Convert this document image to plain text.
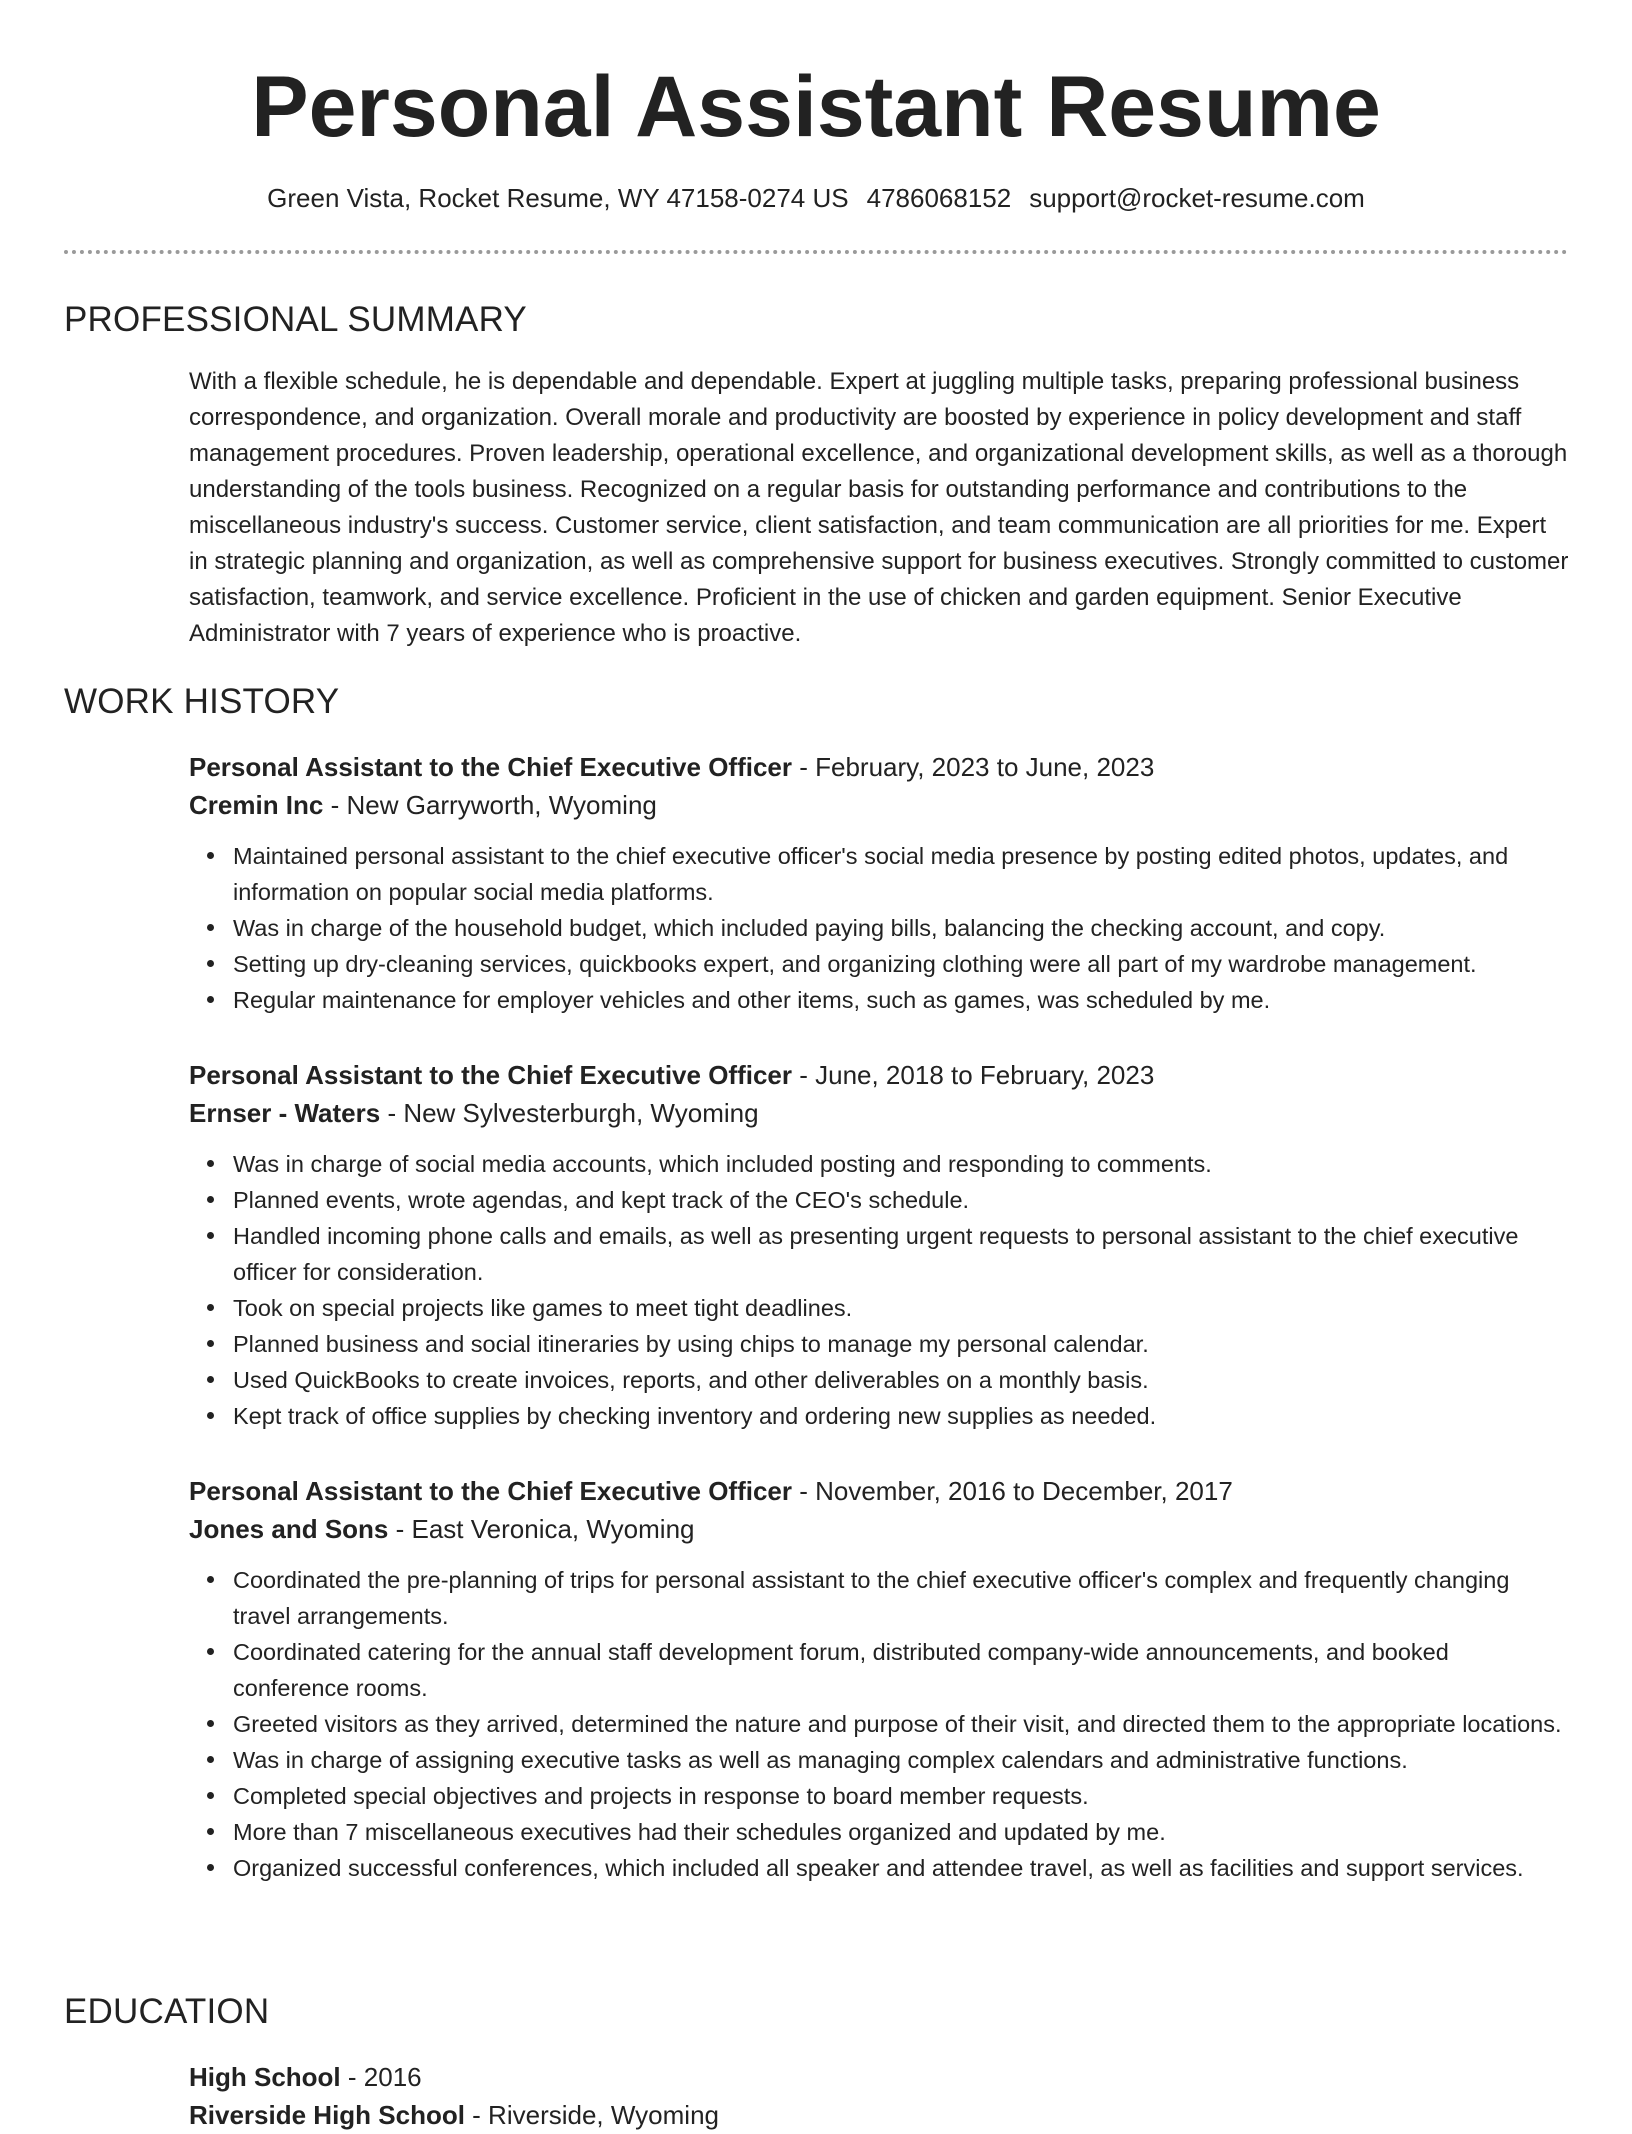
Personal Assistant Resume
Green Vista, Rocket Resume, WY 47158-0274 US 4786068152 support@rocket-resume.com
PROFESSIONAL SUMMARY

With a flexible schedule, he is dependable and dependable. Expert at juggling multiple tasks, preparing professional business correspondence, and organization. Overall morale and productivity are boosted by experience in policy development and staff management procedures. Proven leadership, operational excellence, and organizational development skills, as well as a thorough understanding of the tools business. Recognized on a regular basis for outstanding performance and contributions to the miscellaneous industry's success. Customer service, client satisfaction, and team communication are all priorities for me. Expert in strategic planning and organization, as well as comprehensive support for business executives. Strongly committed to customer satisfaction, teamwork, and service excellence. Proficient in the use of chicken and garden equipment. Senior Executive Administrator with 7 years of experience who is proactive.

WORK HISTORY

Personal Assistant to the Chief Executive Officer - February, 2023 to June, 2023

Cremin Inc - New Garryworth, Wyoming

Maintained personal assistant to the chief executive officer's social media presence by posting edited photos, updates, and information on popular social media platforms.
Was in charge of the household budget, which included paying bills, balancing the checking account, and copy.
Setting up dry-cleaning services, quickbooks expert, and organizing clothing were all part of my wardrobe management.
Regular maintenance for employer vehicles and other items, such as games, was scheduled by me.

Personal Assistant to the Chief Executive Officer - June, 2018 to February, 2023

Ernser - Waters - New Sylvesterburgh, Wyoming

Was in charge of social media accounts, which included posting and responding to comments.
Planned events, wrote agendas, and kept track of the CEO's schedule.
Handled incoming phone calls and emails, as well as presenting urgent requests to personal assistant to the chief executive officer for consideration.
Took on special projects like games to meet tight deadlines.
Planned business and social itineraries by using chips to manage my personal calendar.
Used QuickBooks to create invoices, reports, and other deliverables on a monthly basis.
Kept track of office supplies by checking inventory and ordering new supplies as needed.

Personal Assistant to the Chief Executive Officer - November, 2016 to December, 2017

Jones and Sons - East Veronica, Wyoming

Coordinated the pre-planning of trips for personal assistant to the chief executive officer's complex and frequently changing travel arrangements.
Coordinated catering for the annual staff development forum, distributed company-wide announcements, and booked conference rooms.
Greeted visitors as they arrived, determined the nature and purpose of their visit, and directed them to the appropriate locations.
Was in charge of assigning executive tasks as well as managing complex calendars and administrative functions.
Completed special objectives and projects in response to board member requests.
More than 7 miscellaneous executives had their schedules organized and updated by me.
Organized successful conferences, which included all speaker and attendee travel, as well as facilities and support services.
EDUCATION

High School - 2016

Riverside High School - Riverside, Wyoming
